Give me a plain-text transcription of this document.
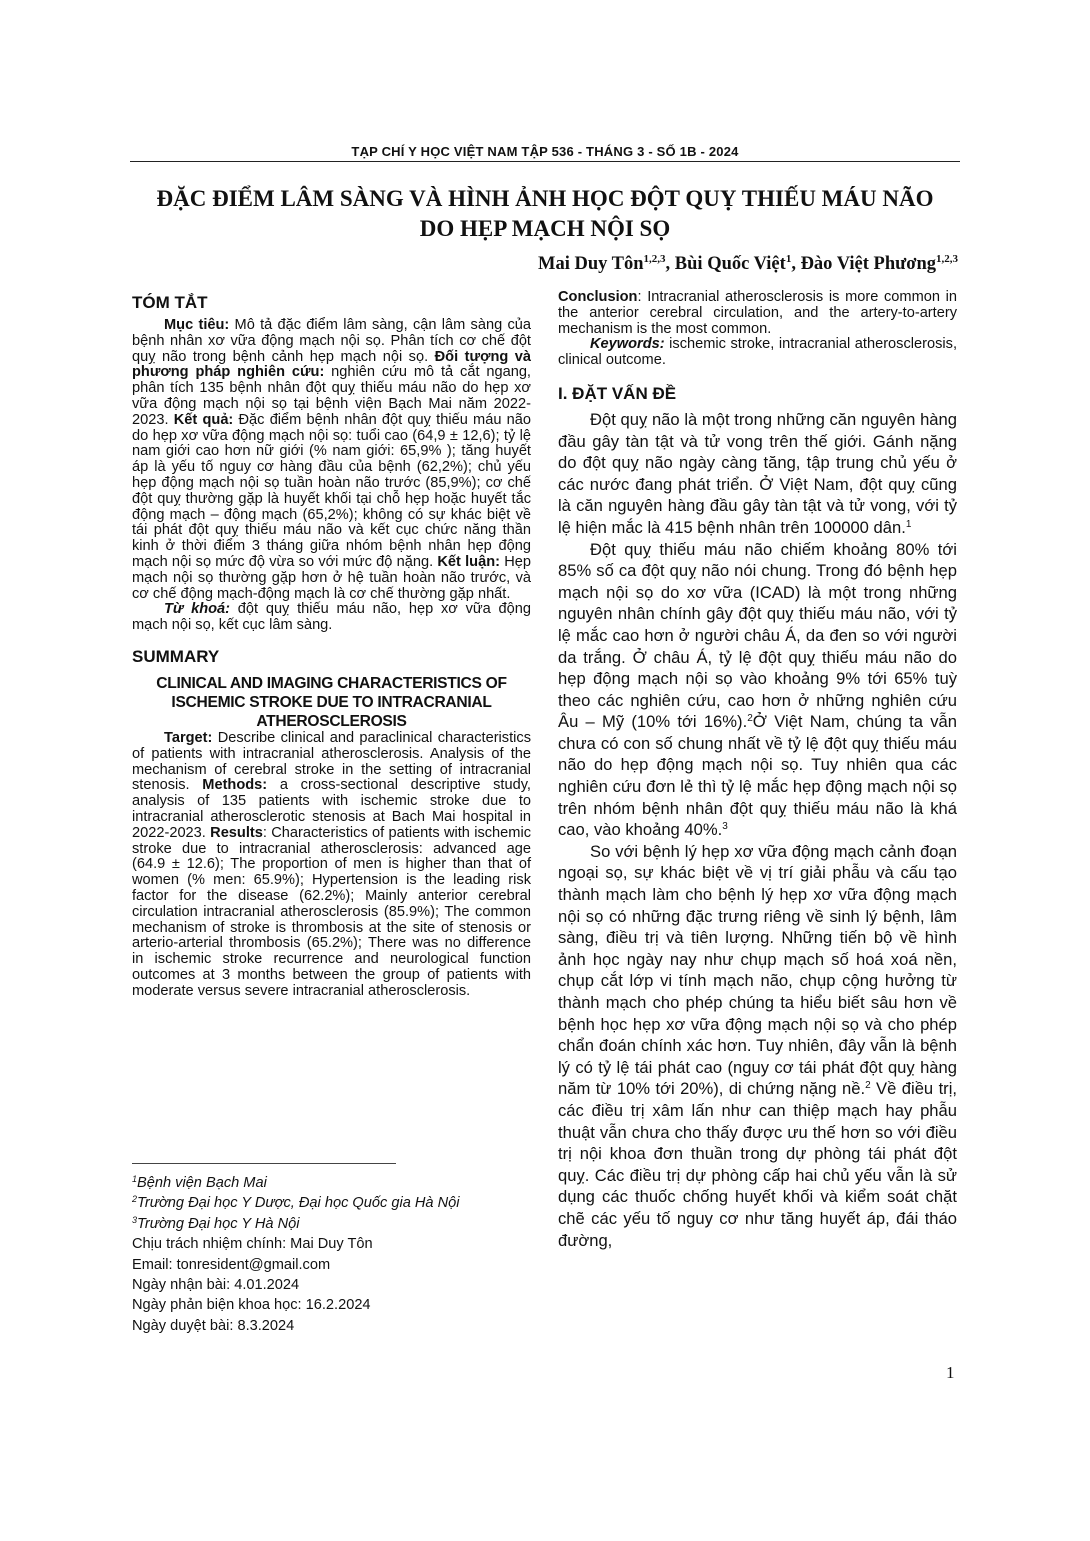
TẠP CHÍ Y HỌC VIỆT NAM TẬP 536 - THÁNG 3 - SỐ 1B - 2024
ĐẶC ĐIỂM LÂM SÀNG VÀ HÌNH ẢNH HỌC ĐỘT QUỴ THIẾU MÁU NÃO
DO HẸP MẠCH NỘI SỌ
Mai Duy Tôn$^{1,2,3}$, Bùi Quốc Việt$^1$, Đào Việt Phương$^{1,2,3}$
TÓM TẮT

Mục tiêu: Mô tả đặc điểm lâm sàng, cận lâm sàng của bệnh nhân xơ vữa động mạch nội sọ. Phân tích cơ chế đột quỵ não trong bệnh cảnh hẹp mạch nội sọ. Đối tượng và phương pháp nghiên cứu: nghiên cứu mô tả cắt ngang, phân tích 135 bệnh nhân đột quỵ thiếu máu não do hẹp xơ vữa động mạch nội sọ tại bệnh viện Bạch Mai năm 2022-2023. Kết quả: Đặc điểm bệnh nhân đột quỵ thiếu máu não do hẹp xơ vữa động mạch nội sọ: tuổi cao (64,9 ± 12,6); tỷ lệ nam giới cao hơn nữ giới (% nam giới: 65,9% ); tăng huyết áp là yếu tố nguy cơ hàng đầu của bệnh (62,2%); chủ yếu hẹp động mạch nội sọ tuần hoàn não trước (85,9%); cơ chế đột quỵ thường gặp là huyết khối tại chỗ hẹp hoặc huyết tắc động mạch – động mạch (65,2%); không có sự khác biệt về tái phát đột quỵ thiếu máu não và kết cục chức năng thần kinh ở thời điểm 3 tháng giữa nhóm bệnh nhân hẹp động mạch nội sọ mức độ vừa so với mức độ nặng. Kết luận: Hẹp mạch nội sọ thường gặp hơn ở hệ tuần hoàn não trước, và cơ chế động mạch-động mạch là cơ chế thường gặp nhất.

Từ khoá: đột quỵ thiếu máu não, hẹp xơ vữa động mạch nội sọ, kết cục lâm sàng.

SUMMARY

CLINICAL AND IMAGING CHARACTERISTICS OF ISCHEMIC STROKE DUE TO INTRACRANIAL ATHEROSCLEROSIS

Target: Describe clinical and paraclinical characteristics of patients with intracranial atherosclerosis. Analysis of the mechanism of cerebral stroke in the setting of intracranial stenosis. Methods: a cross-sectional descriptive study, analysis of 135 patients with ischemic stroke due to intracranial atherosclerotic stenosis at Bach Mai hospital in 2022-2023. Results: Characteristics of patients with ischemic stroke due to intracranial atherosclerosis: advanced age (64.9 ± 12.6); The proportion of men is higher than that of women (% men: 65.9%); Hypertension is the leading risk factor for the disease (62.2%); Mainly anterior cerebral circulation intracranial atherosclerosis (85.9%); The common mechanism of stroke is thrombosis at the site of stenosis or arterio-arterial thrombosis (65.2%); There was no difference in ischemic stroke recurrence and neurological function outcomes at 3 months between the group of patients with moderate versus severe intracranial atherosclerosis.

$^1$Bệnh viện Bạch Mai
$^2$Trường Đại học Y Dược, Đại học Quốc gia Hà Nội
$^3$Trường Đại học Y Hà Nội
Chịu trách nhiệm chính: Mai Duy Tôn
Email: tonresident@gmail.com
Ngày nhận bài: 4.01.2024
Ngày phản biện khoa học: 16.2.2024
Ngày duyệt bài: 8.3.2024

Conclusion: Intracranial atherosclerosis is more common in the anterior cerebral circulation, and the artery-to-artery mechanism is the most common.

Keywords: ischemic stroke, intracranial atherosclerosis, clinical outcome.

I. ĐẶT VẤN ĐỀ

Đột quỵ não là một trong những căn nguyên hàng đầu gây tàn tật và tử vong trên thế giới. Gánh nặng do đột quỵ não ngày càng tăng, tập trung chủ yếu ở các nước đang phát triển. Ở Việt Nam, đột quỵ cũng là căn nguyên hàng đầu gây tàn tật và tử vong, với tỷ lệ hiện mắc là 415 bệnh nhân trên 100000 dân.$^1$

Đột quỵ thiếu máu não chiếm khoảng 80% tới 85% số ca đột quỵ não nói chung. Trong đó bệnh hẹp mạch nội sọ do xơ vữa (ICAD) là một trong những nguyên nhân chính gây đột quỵ thiếu máu não, với tỷ lệ mắc cao hơn ở người châu Á, da đen so với người da trắng. Ở châu Á, tỷ lệ đột quỵ thiếu máu não do hẹp động mạch nội sọ vào khoảng 9% tới 65% tuỳ theo các nghiên cứu, cao hơn ở những nghiên cứu Âu – Mỹ (10% tới 16%).$^2$Ở Việt Nam, chúng ta vẫn chưa có con số chung nhất về tỷ lệ đột quỵ thiếu máu não do hẹp động mạch nội sọ. Tuy nhiên qua các nghiên cứu đơn lẻ thì tỷ lệ mắc hẹp động mạch nội sọ trên nhóm bệnh nhân đột quỵ thiếu máu não là khá cao, vào khoảng 40%.$^3$

So với bệnh lý hẹp xơ vữa động mạch cảnh đoạn ngoại sọ, sự khác biệt về vị trí giải phẫu và cấu tạo thành mạch làm cho bệnh lý hẹp xơ vữa động mạch nội sọ có những đặc trưng riêng về sinh lý bệnh, lâm sàng, điều trị và tiên lượng. Những tiến bộ về hình ảnh học ngày nay như chụp mạch số hoá xoá nền, chụp cắt lớp vi tính mạch não, chụp cộng hưởng từ thành mạch cho phép chúng ta hiểu biết sâu hơn về bệnh học hẹp xơ vữa động mạch nội sọ và cho phép chẩn đoán chính xác hơn. Tuy nhiên, đây vẫn là bệnh lý có tỷ lệ tái phát cao (nguy cơ tái phát đột quỵ hàng năm từ 10% tới 20%), di chứng nặng nề.$^2$ Về điều trị, các điều trị xâm lấn như can thiệp mạch hay phẫu thuật vẫn chưa cho thấy được ưu thế hơn so với điều trị nội khoa đơn thuần trong dự phòng tái phát đột quỵ. Các điều trị dự phòng cấp hai chủ yếu vẫn là sử dụng các thuốc chống huyết khối và kiểm soát chặt chẽ các yếu tố nguy cơ như tăng huyết áp, đái tháo đường,

1
